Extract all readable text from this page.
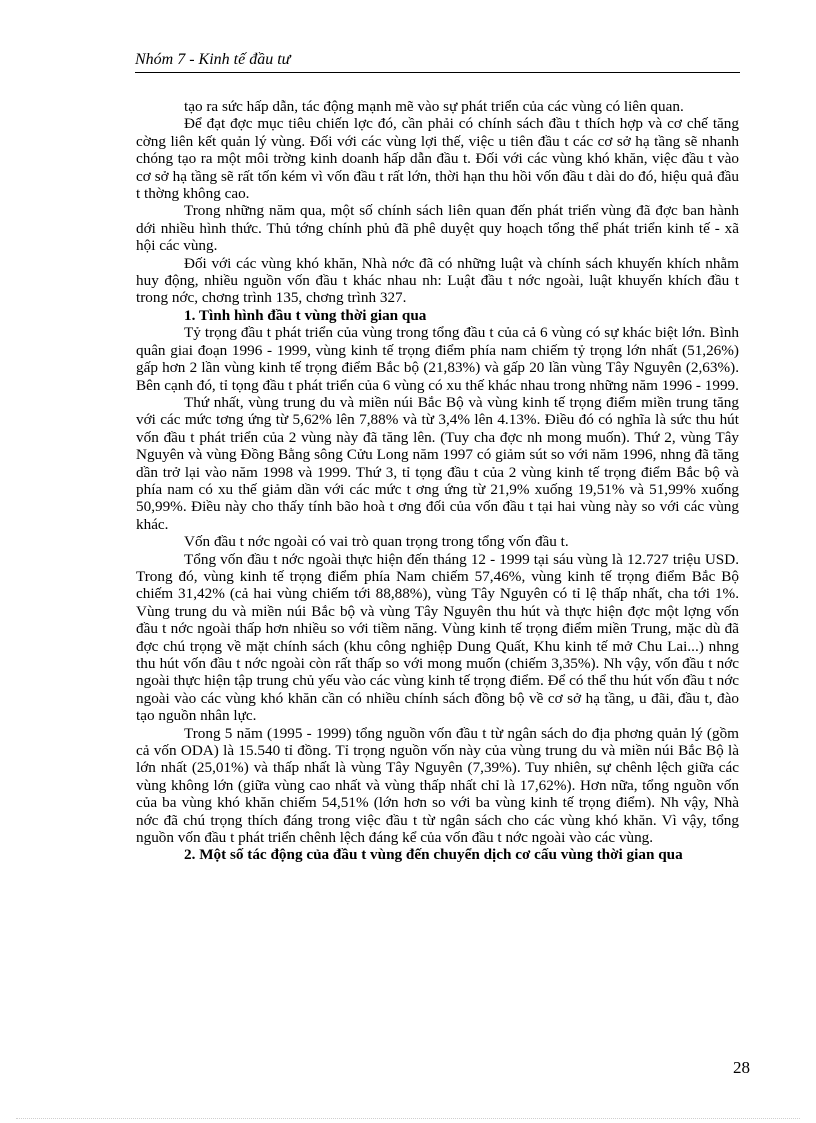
Nhóm 7 - Kinh tế đầu tư

tạo ra sức hấp dẫn, tác động mạnh mẽ vào sự phát triển của các vùng có liên quan.

Để đạt đợc mục tiêu chiến lợc đó, cần phải có chính sách đầu t thích hợp và cơ chế tăng cờng liên kết quản lý vùng. Đối với các vùng lợi thế, việc u tiên đầu t các cơ sở hạ tầng sẽ nhanh chóng tạo ra một môi trờng kinh doanh hấp dẫn đầu t. Đối với các vùng khó khăn, việc đầu t vào cơ sở hạ tầng sẽ rất tốn kém vì vốn đầu t rất lớn, thời hạn thu hồi vốn đầu t dài do đó, hiệu quả đầu t thờng không cao.

Trong những năm qua, một số chính sách liên quan đến phát triển vùng đã đợc ban hành dới nhiều hình thức. Thủ tớng chính phủ đã phê duyệt quy hoạch tổng thể phát triển kinh tế - xã hội các vùng.

Đối với các vùng khó khăn, Nhà nớc đã có những luật và chính sách khuyến khích nhằm huy động, nhiều nguồn vốn đầu t khác nhau nh: Luật đầu t nớc ngoài, luật khuyến khích đầu t trong nớc, chơng trình 135, chơng trình 327.

1. Tình hình đầu t vùng thời gian qua

Tỷ trọng đầu t phát triển của vùng trong tổng đầu t của cả 6 vùng có sự khác biệt lớn. Bình quân giai đoạn 1996 - 1999, vùng kinh tế trọng điểm phía nam chiếm tỷ trọng lớn nhất (51,26%) gấp hơn 2 lần vùng kinh tế trọng điểm Bắc bộ (21,83%) và gấp 20 lần vùng Tây Nguyên (2,63%). Bên cạnh đó, tỉ tọng đầu t phát triển của 6 vùng có xu thế khác nhau trong những năm 1996 - 1999.

Thứ nhất, vùng trung du và miền núi Bắc Bộ và vùng kinh tế trọng điểm miền trung tăng với các mức tơng ứng từ 5,62% lên 7,88% và từ 3,4% lên 4.13%. Điều đó có nghĩa là sức thu hút vốn đầu t phát triển của 2 vùng này đã tăng lên. (Tuy cha đợc nh mong muốn). Thứ 2, vùng Tây Nguyên và vùng Đồng Bằng sông Cửu Long năm 1997 có giảm sút so với năm 1996, nhng đã tăng dần trở lại vào năm 1998 và 1999. Thứ 3, tỉ tọng đầu t của 2 vùng kinh tế trọng điểm Bắc bộ và phía nam có xu thế giảm dần với các mức t ơng ứng từ 21,9% xuống 19,51% và 51,99% xuống 50,99%. Điều này cho thấy tính bão hoà t ơng đối của vốn đầu t tại hai vùng này so với các vùng khác.

Vốn đầu t nớc ngoài có vai trò quan trọng trong tổng vốn đầu t.

Tổng vốn đầu t nớc ngoài thực hiện đến tháng 12 - 1999 tại sáu vùng là 12.727 triệu USD. Trong đó, vùng kinh tế trọng điểm phía Nam chiếm 57,46%, vùng kinh tế trọng điểm Bắc Bộ chiếm 31,42% (cả hai vùng chiếm tới 88,88%), vùng Tây Nguyên có tỉ lệ thấp nhất, cha tới 1%. Vùng trung du và miền núi Bắc bộ và vùng Tây Nguyên thu hút và thực hiện đợc một lợng vốn đầu t nớc ngoài thấp hơn nhiều so với tiềm năng. Vùng kinh tế trọng điểm miền Trung, mặc dù đã đợc chú trọng về mặt chính sách (khu công nghiệp Dung Quất, Khu kinh tế mở Chu Lai...) nhng thu hút vốn đầu t nớc ngoài còn rất thấp so với mong muốn (chiếm 3,35%). Nh vậy, vốn đầu t nớc ngoài thực hiện tập trung chủ yếu vào các vùng kinh tế trọng điểm. Để có thể thu hút vốn đầu t nớc ngoài vào các vùng khó khăn cần có nhiều chính sách đồng bộ về cơ sở hạ tầng, u đãi, đầu t, đào tạo nguồn nhân lực.

Trong 5 năm (1995 - 1999) tổng nguồn vốn đầu t từ ngân sách do địa phơng quản lý (gồm cả vốn ODA) là 15.540 tỉ đồng. Tỉ trọng nguồn vốn này của vùng trung du và miền núi Bắc Bộ là lớn nhất (25,01%) và thấp nhất là vùng Tây Nguyên (7,39%). Tuy nhiên, sự chênh lệch giữa các vùng không lớn (giữa vùng cao nhất và vùng thấp nhất chỉ là 17,62%). Hơn nữa, tổng nguồn vốn của ba vùng khó khăn chiếm 54,51% (lớn hơn so với ba vùng kinh tế trọng điểm). Nh vậy, Nhà nớc đã chú trọng thích đáng trong việc đầu t từ ngân sách cho các vùng khó khăn. Vì vậy, tổng nguồn vốn đầu t phát triển chênh lệch đáng kể của vốn đầu t nớc ngoài vào các vùng.

2. Một số tác động của đầu t vùng đến chuyển dịch cơ cấu vùng thời gian qua

28
